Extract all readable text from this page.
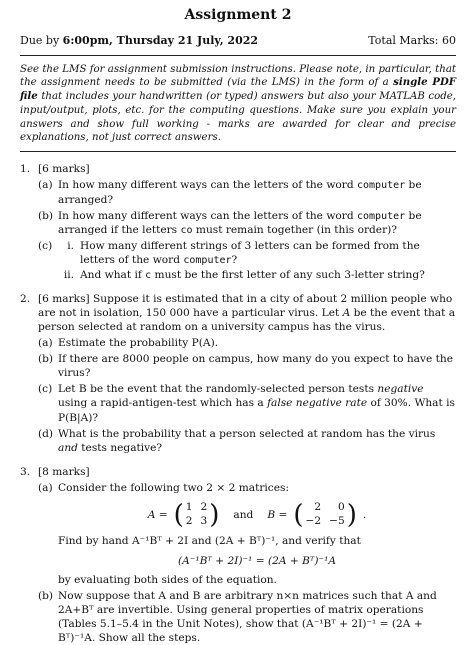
Assignment 2
Due by 6:00pm, Thursday 21 July, 2022	Total Marks: 60
See the LMS for assignment submission instructions. Please note, in particular, that the assignment needs to be submitted (via the LMS) in the form of a single PDF file that includes your handwritten (or typed) answers but also your MATLAB code, input/output, plots, etc. for the computing questions. Make sure you explain your answers and show full working - marks are awarded for clear and precise explanations, not just correct answers.
1. [6 marks]
(a) In how many different ways can the letters of the word computer be arranged?
(b) In how many different ways can the letters of the word computer be arranged if the letters co must remain together (in this order)?
(c)	i. How many different strings of 3 letters can be formed from the letters of the word computer?
ii. And what if c must be the first letter of any such 3-letter string?
2. [6 marks] Suppose it is estimated that in a city of about 2 million people who are not in isolation, 150 000 have a particular virus. Let A be the event that a person selected at random on a university campus has the virus.
(a) Estimate the probability P(A).
(b) If there are 8000 people on campus, how many do you expect to have the virus?
(c) Let B be the event that the randomly-selected person tests negative using a rapid-antigen-test which has a false negative rate of 30%. What is P(B|A)?
(d) What is the probability that a person selected at random has the virus and tests negative?
3. [8 marks]
(a) Consider the following two 2 × 2 matrices:
A = ( 1 2
2 3 ) and B = (	2	0
−2 −5 ) .
Find by hand A⁻¹Bᵀ + 2I and (2A + Bᵀ)⁻¹, and verify that
(A⁻¹Bᵀ + 2I)⁻¹ = (2A + Bᵀ)⁻¹A
by evaluating both sides of the equation.
(b) Now suppose that A and B are arbitrary n×n matrices such that A and 2A+Bᵀ are invertible. Using general properties of matrix operations (Tables 5.1–5.4 in the Unit Notes), show that (A⁻¹Bᵀ + 2I)⁻¹ = (2A + Bᵀ)⁻¹A. Show all the steps.
